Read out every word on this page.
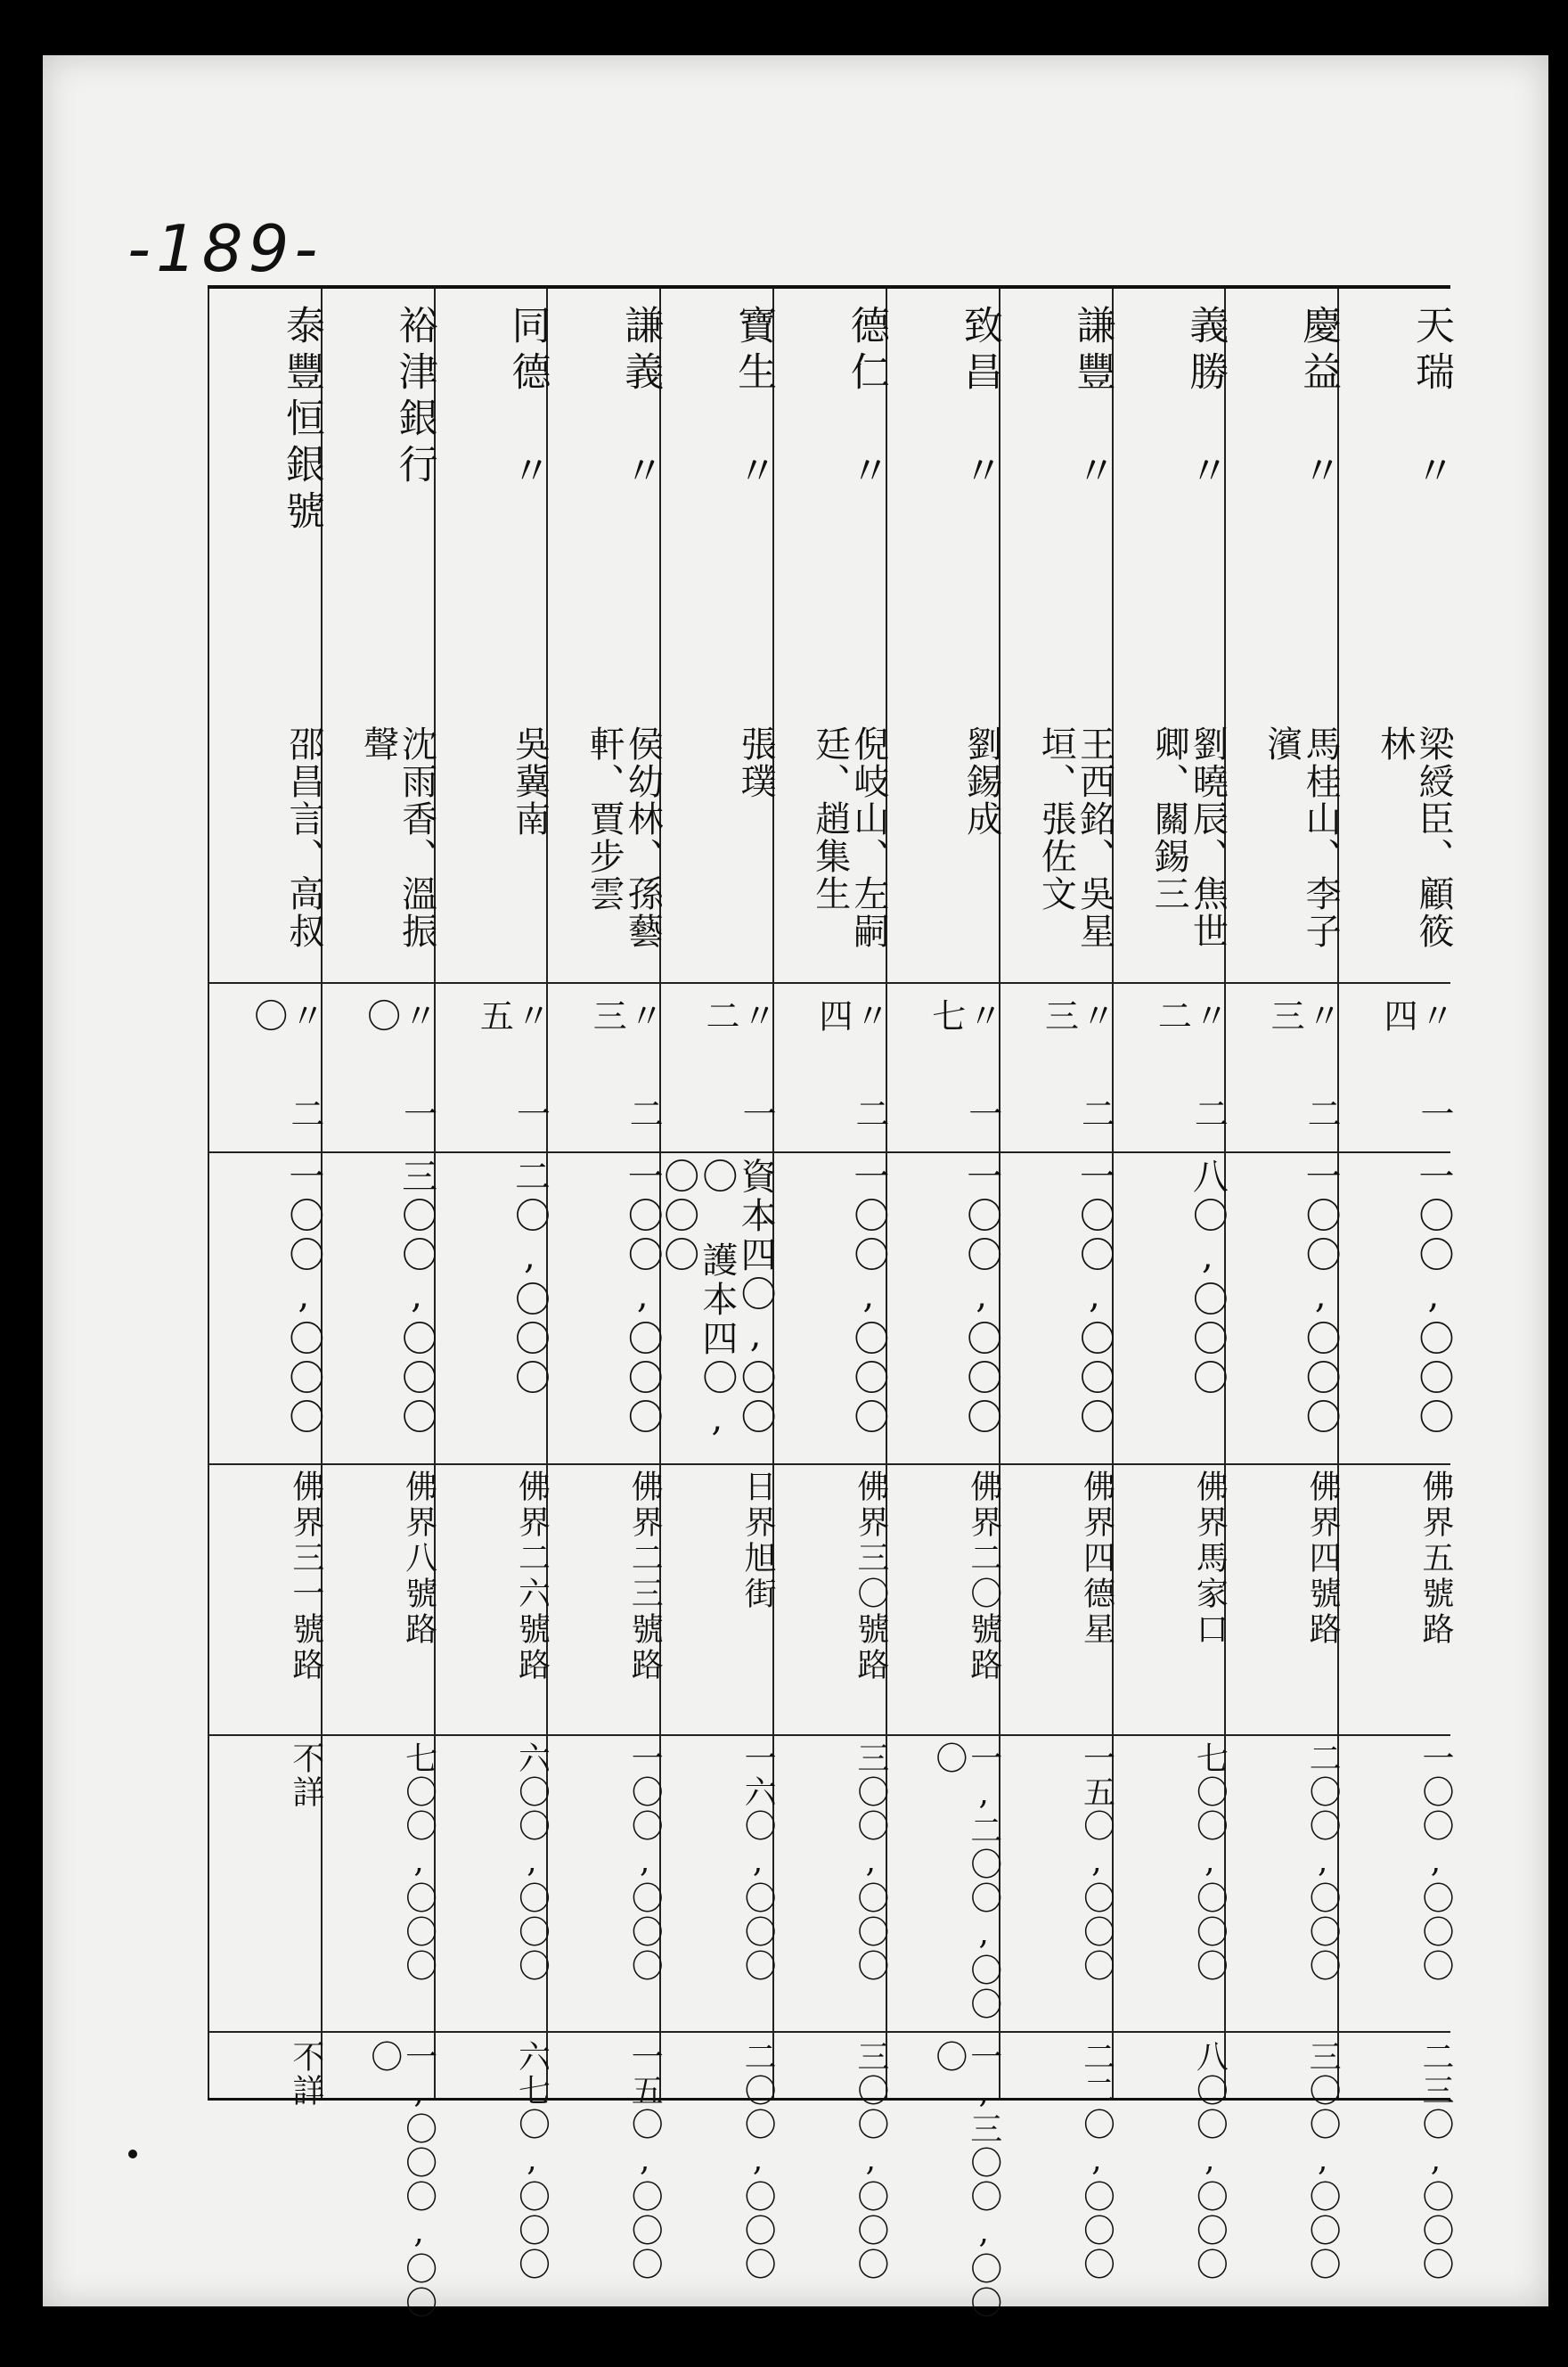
-189-
天瑞 〃
梁綬臣、顧筱林
〃 一四
一〇〇,〇〇〇
佛界五號路
一〇〇,〇〇〇
二三〇,〇〇〇
慶益 〃
馬桂山、李子濱
〃 二三
一〇〇,〇〇〇
佛界四號路
二〇〇,〇〇〇
三〇〇,〇〇〇
義勝 〃
劉曉辰、焦世卿、關錫三
〃 二二
八〇,〇〇〇
佛界馬家口
七〇〇,〇〇〇
八〇〇,〇〇〇
謙豐 〃
王西銘、吳星垣、張佐文
〃 二三
一〇〇,〇〇〇
佛界四德星
一五〇,〇〇〇
二二〇,〇〇〇
致昌 〃
劉錫成
〃 一七
一〇〇,〇〇〇
佛界二〇號路
一,二〇〇,〇〇〇
一,三〇〇,〇〇〇
德仁 〃
倪岐山、左嗣廷、趙集生
〃 二四
一〇〇,〇〇〇
佛界三〇號路
三〇〇,〇〇〇
三〇〇,〇〇〇
寶生 〃
張璞
〃 一二
資本四〇,〇〇〇 護本四〇,〇〇〇
日界旭街
一六〇,〇〇〇
二〇〇,〇〇〇
謙義 〃
侯幼林、孫藝軒、賈步雲
〃 二三
一〇〇,〇〇〇
佛界二三號路
一〇〇,〇〇〇
一五〇,〇〇〇
同德 〃
吳冀南
〃 一五
二〇,〇〇〇
佛界二六號路
六〇〇,〇〇〇
六七〇,〇〇〇
裕津銀行
沈雨香、溫振聲
〃 一〇
三〇〇,〇〇〇
佛界八號路
七〇〇,〇〇〇
一,〇〇〇,〇〇〇
泰豐恒銀號
邵昌言、高叔
〃 二〇
一〇〇,〇〇〇
佛界三一號路
不詳
不詳
